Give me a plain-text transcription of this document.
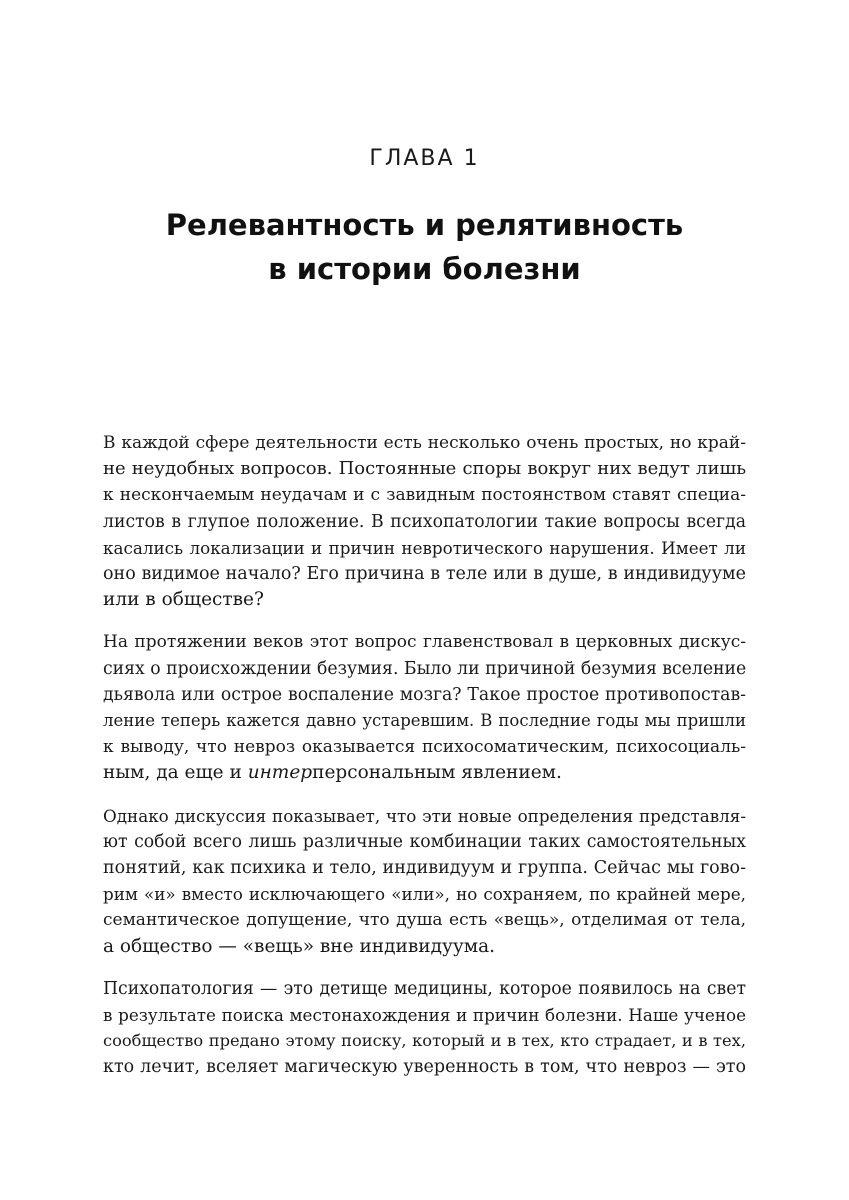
ГЛАВА 1
Релевантность и релятивность
в истории болезни

В каждой сфере деятельности есть несколько очень простых, но край-
не неудобных вопросов. Постоянные споры вокруг них ведут лишь
к нескончаемым неудачам и с завидным постоянством ставят специа-
листов в глупое положение. В психопатологии такие вопросы всегда
касались локализации и причин невротического нарушения. Имеет ли
оно видимое начало? Его причина в теле или в душе, в индивидууме
или в обществе?

На протяжении веков этот вопрос главенствовал в церковных дискус-
сиях о происхождении безумия. Было ли причиной безумия вселение
дьявола или острое воспаление мозга? Такое простое противопостав-
ление теперь кажется давно устаревшим. В последние годы мы пришли
к выводу, что невроз оказывается психосоматическим, психосоциаль-
ным, да еще и интерперсональным явлением.

Однако дискуссия показывает, что эти новые определения представля-
ют собой всего лишь различные комбинации таких самостоятельных
понятий, как психика и тело, индивидуум и группа. Сейчас мы гово-
рим «и» вместо исключающего «или», но сохраняем, по крайней мере,
семантическое допущение, что душа есть «вещь», отделимая от тела,
а общество — «вещь» вне индивидуума.

Психопатология — это детище медицины, которое появилось на свет
в результате поиска местонахождения и причин болезни. Наше ученое
сообщество предано этому поиску, который и в тех, кто страдает, и в тех,
кто лечит, вселяет магическую уверенность в том, что невроз — это
